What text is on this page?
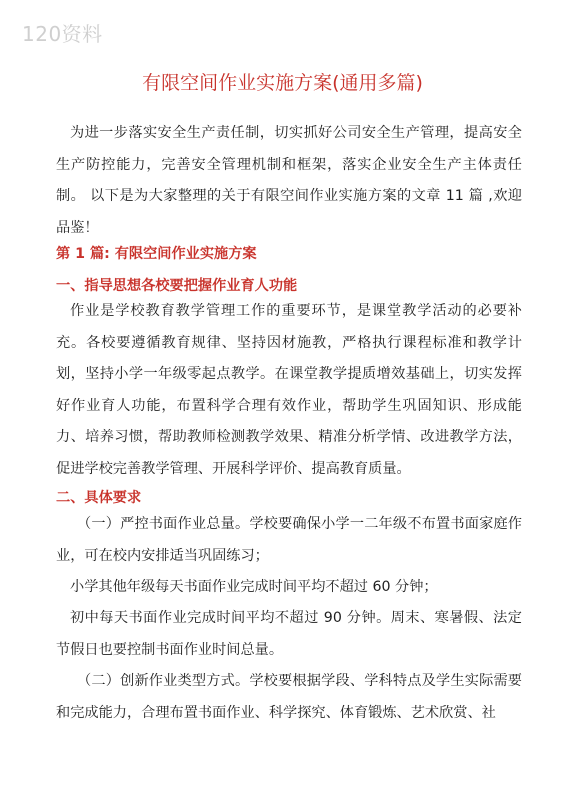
120资料
有限空间作业实施方案(通用多篇)

为进一步落实安全生产责任制，切实抓好公司安全生产管理，提高安全生产防控能力，完善安全管理机制和框架，落实企业安全生产主体责任制。 以下是为大家整理的关于有限空间作业实施方案的文章 11 篇 ,欢迎品鉴！

第 1 篇: 有限空间作业实施方案

一、指导思想各校要把握作业育人功能

作业是学校教育教学管理工作的重要环节，是课堂教学活动的必要补充。各校要遵循教育规律、坚持因材施教，严格执行课程标准和教学计划，坚持小学一年级零起点教学。在课堂教学提质增效基础上，切实发挥好作业育人功能，布置科学合理有效作业，帮助学生巩固知识、形成能力、培养习惯，帮助教师检测教学效果、精准分析学情、改进教学方法，促进学校完善教学管理、开展科学评价、提高教育质量。

二、具体要求

（一）严控书面作业总量。学校要确保小学一二年级不布置书面家庭作业，可在校内安排适当巩固练习；

小学其他年级每天书面作业完成时间平均不超过 60 分钟；

初中每天书面作业完成时间平均不超过 90 分钟。周末、寒暑假、法定节假日也要控制书面作业时间总量。

（二）创新作业类型方式。学校要根据学段、学科特点及学生实际需要和完成能力，合理布置书面作业、科学探究、体育锻炼、艺术欣赏、社
